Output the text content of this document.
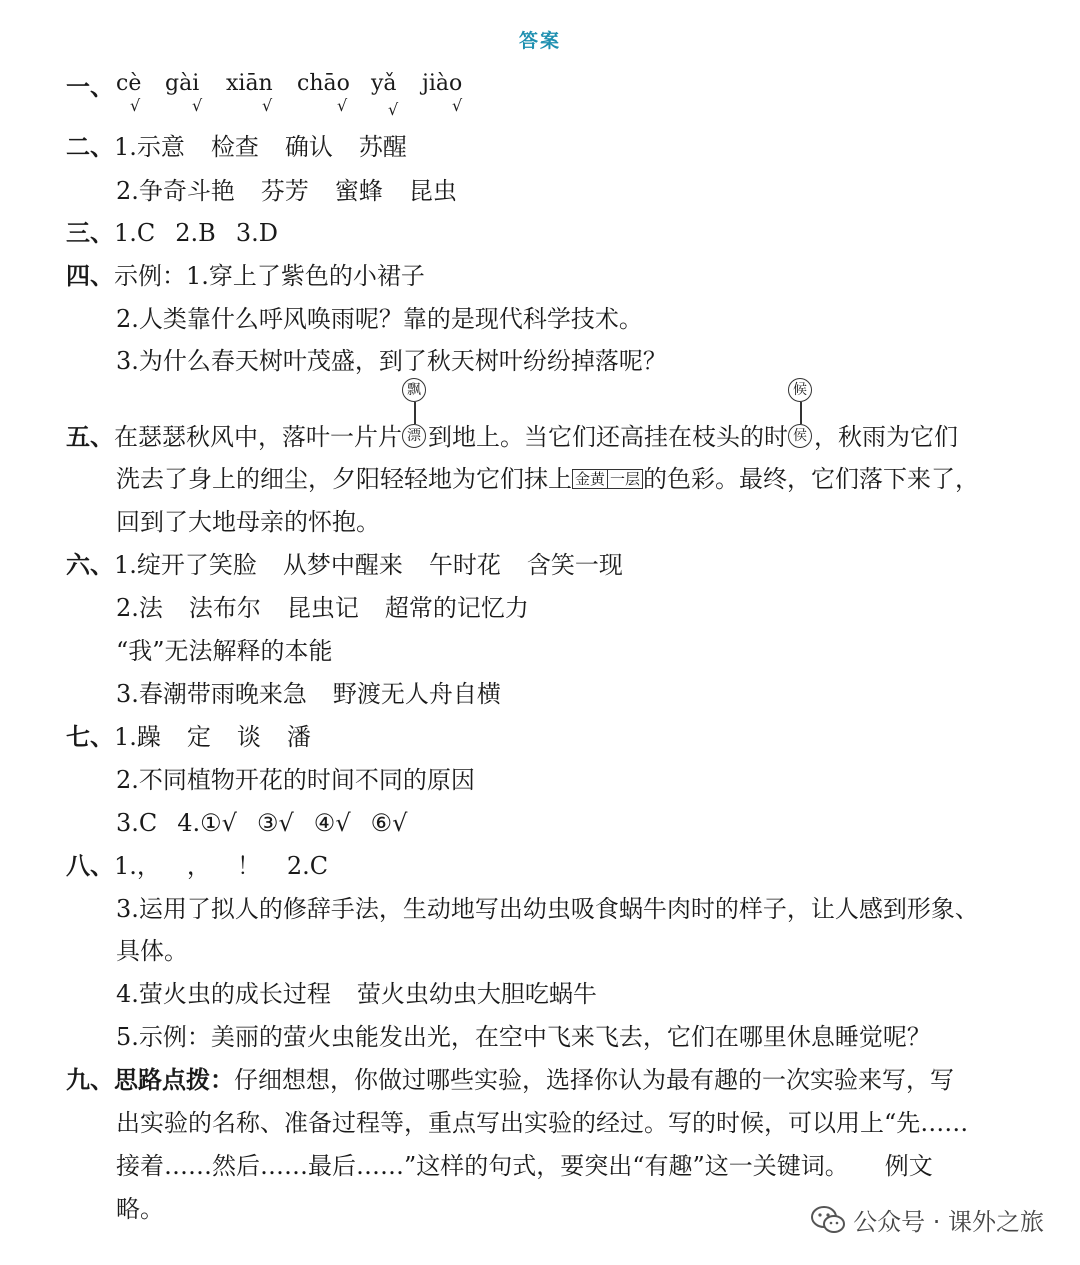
答案
一、 cè gài xiān chāo yǎ jiào
√	√	√	√	√	√
二、1.示意 检查 确认 苏醒
2.争奇斗艳 芬芳 蜜蜂 昆虫
三、1.C 2.B 3.D
四、示例：1.穿上了紫色的小裙子
2.人类靠什么呼风唤雨呢？靠的是现代科学技术。
3.为什么春天树叶茂盛，到了秋天树叶纷纷掉落呢？
五、在瑟瑟秋风中，落叶一片片
飘
漂 到地上。当它们还高挂在枝头的时
候
侯 ，秋雨为它们
洗去了身上的细尘，夕阳轻轻地为它们抹上 金黄 一层 的色彩。最终，它们落下来了，
回到了大地母亲的怀抱。
六、1.绽开了笑脸 从梦中醒来 午时花 含笑一现
2.法 法布尔 昆虫记 超常的记忆力
“我”无法解释的本能
3.春潮带雨晚来急 野渡无人舟自横
七、1.躁 定 谈 潘
2.不同植物开花的时间不同的原因
3.C 4.①√ ③√ ④√ ⑥√
八、1.， ， ！ 2.C
3.运用了拟人的修辞手法，生动地写出幼虫吸食蜗牛肉时的样子，让人感到形象、
具体。
4.萤火虫的成长过程 萤火虫幼虫大胆吃蜗牛
5.示例：美丽的萤火虫能发出光，在空中飞来飞去，它们在哪里休息睡觉呢？
九、思路点拨：仔细想想，你做过哪些实验，选择你认为最有趣的一次实验来写，写
出实验的名称、准备过程等，重点写出实验的经过。写的时候，可以用上“先……
接着……然后……最后……”这样的句式，要突出“有趣”这一关键词。　　例文
略。	公众号 · 课外之旅
